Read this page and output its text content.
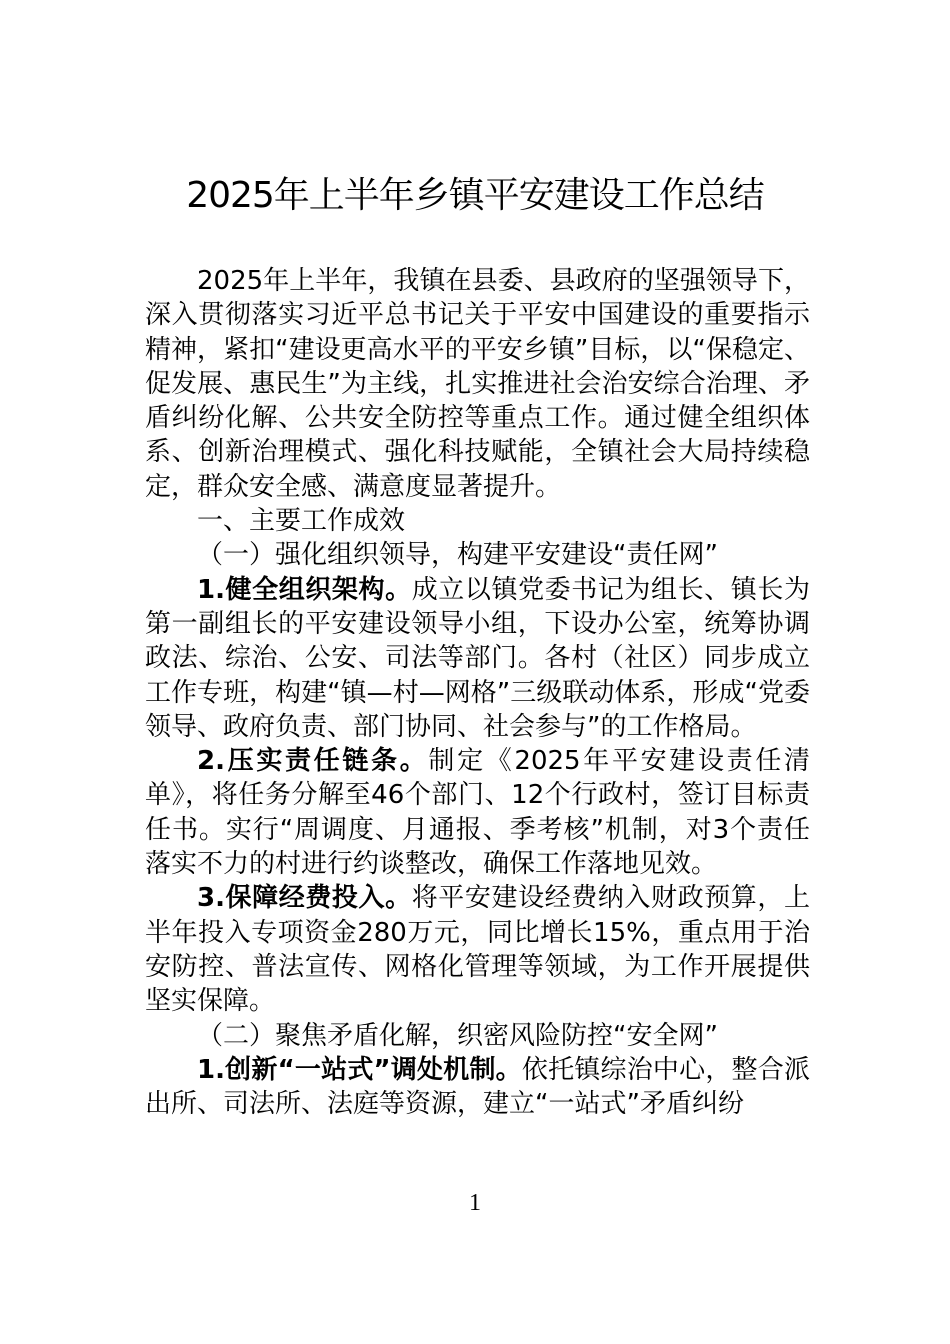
2025年上半年乡镇平安建设工作总结

2025年上半年，我镇在县委、县政府的坚强领导下，深入贯彻落实习近平总书记关于平安中国建设的重要指示精神，紧扣“建设更高水平的平安乡镇”目标，以“保稳定、促发展、惠民生”为主线，扎实推进社会治安综合治理、矛盾纠纷化解、公共安全防控等重点工作。通过健全组织体系、创新治理模式、强化科技赋能，全镇社会大局持续稳定，群众安全感、满意度显著提升。

一、主要工作成效

（一）强化组织领导，构建平安建设“责任网”

1.健全组织架构。成立以镇党委书记为组长、镇长为第一副组长的平安建设领导小组，下设办公室，统筹协调政法、综治、公安、司法等部门。各村（社区）同步成立工作专班，构建“镇—村—网格”三级联动体系，形成“党委领导、政府负责、部门协同、社会参与”的工作格局。

2.压实责任链条。制定《2025年平安建设责任清单》，将任务分解至46个部门、12个行政村，签订目标责任书。实行“周调度、月通报、季考核”机制，对3个责任落实不力的村进行约谈整改，确保工作落地见效。

3.保障经费投入。将平安建设经费纳入财政预算，上半年投入专项资金280万元，同比增长15%，重点用于治安防控、普法宣传、网格化管理等领域，为工作开展提供坚实保障。

（二）聚焦矛盾化解，织密风险防控“安全网”

1.创新“一站式”调处机制。依托镇综治中心，整合派出所、司法所、法庭等资源，建立“一站式”矛盾纠纷

1
